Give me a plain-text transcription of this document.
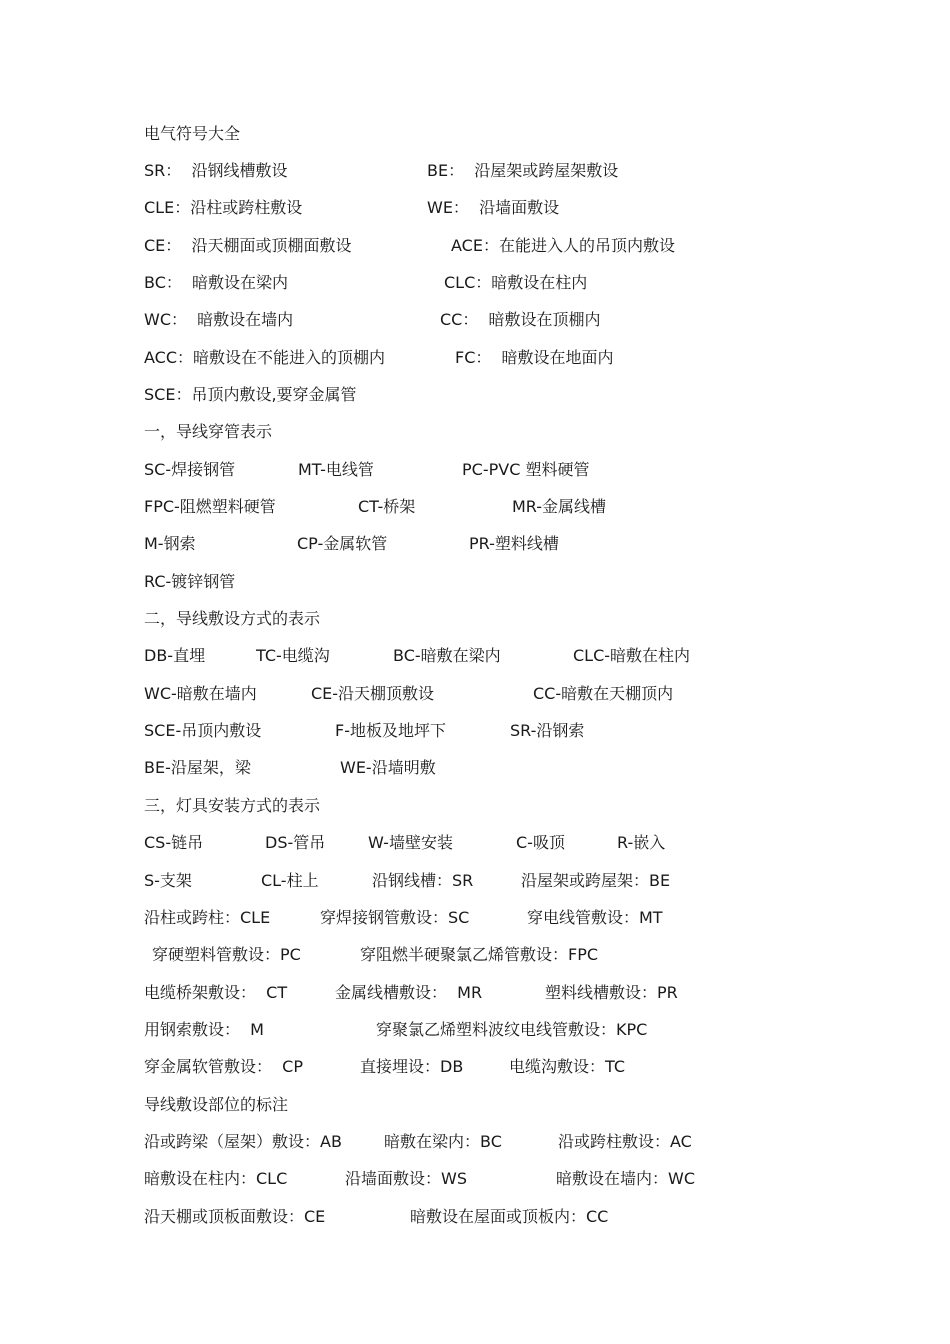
电气符号大全
SR：  沿钢线槽敷设	BE：  沿屋架或跨屋架敷设
CLE：沿柱或跨柱敷设	WE：  沿墙面敷设
CE：  沿天棚面或顶棚面敷设	ACE：在能进入人的吊顶内敷设
BC：  暗敷设在梁内	CLC：暗敷设在柱内
WC：  暗敷设在墙内	CC：  暗敷设在顶棚内
ACC：暗敷设在不能进入的顶棚内	FC：  暗敷设在地面内
SCE：吊顶内敷设,要穿金属管
一，导线穿管表示
SC-焊接钢管	MT-电线管	PC-PVC 塑料硬管
FPC-阻燃塑料硬管	CT-桥架	MR-金属线槽
M-钢索	CP-金属软管	PR-塑料线槽
RC-镀锌钢管
二，导线敷设方式的表示
DB-直埋	TC-电缆沟	BC-暗敷在梁内	CLC-暗敷在柱内
WC-暗敷在墙内	CE-沿天棚顶敷设	CC-暗敷在天棚顶内
SCE-吊顶内敷设	F-地板及地坪下	SR-沿钢索
BE-沿屋架，梁	WE-沿墙明敷
三，灯具安装方式的表示
CS-链吊	DS-管吊	W-墙壁安装	C-吸顶	R-嵌入
S-支架	CL-柱上	沿钢线槽：SR	沿屋架或跨屋架：BE
沿柱或跨柱：CLE	穿焊接钢管敷设：SC	穿电线管敷设：MT
穿硬塑料管敷设：PC	穿阻燃半硬聚氯乙烯管敷设：FPC
电缆桥架敷设：  CT	金属线槽敷设：  MR	塑料线槽敷设：PR
用钢索敷设：  M	穿聚氯乙烯塑料波纹电线管敷设：KPC
穿金属软管敷设：  CP	直接埋设：DB	电缆沟敷设：TC
导线敷设部位的标注
沿或跨梁（屋架）敷设：AB	暗敷在梁内：BC	沿或跨柱敷设：AC
暗敷设在柱内：CLC	沿墙面敷设：WS	暗敷设在墙内：WC
沿天棚或顶板面敷设：CE	暗敷设在屋面或顶板内：CC
